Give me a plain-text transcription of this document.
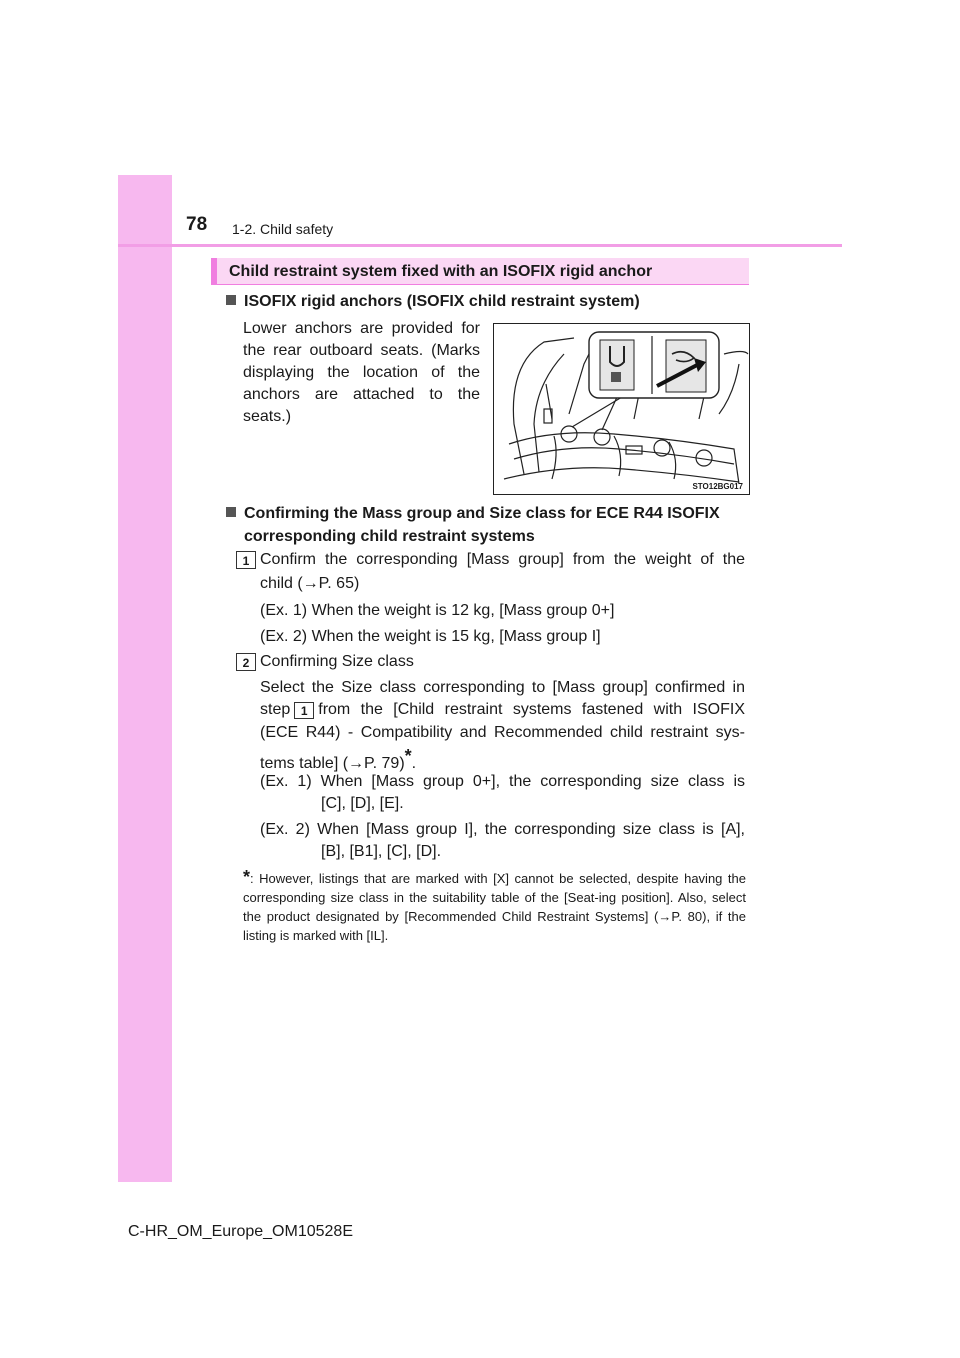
78 1-2. Child safety
Child restraint system fixed with an ISOFIX rigid anchor
ISOFIX rigid anchors (ISOFIX child restraint system)
Lower anchors are provided for the rear outboard seats. (Marks displaying the location of the anchors are attached to the seats.)
STO12BG017
Confirming the Mass group and Size class for ECE R44 ISOFIX
corresponding child restraint systems
1 Confirm the corresponding [Mass group] from the weight of the
child (→P. 65)
(Ex. 1) When the weight is 12 kg, [Mass group 0+]
(Ex. 2) When the weight is 15 kg, [Mass group I]
2 Confirming Size class
Select the Size class corresponding to [Mass group] confirmed in
step 1 from the [Child restraint systems fastened with ISOFIX
(ECE R44) - Compatibility and Recommended child restraint sys-
tems table] (→P. 79)*.
(Ex. 1) When [Mass group 0+], the corresponding size class is
[C], [D], [E].
(Ex. 2) When [Mass group I], the corresponding size class is [A],
[B], [B1], [C], [D].
*: However, listings that are marked with [X] cannot be selected, despite having the corresponding size class in the suitability table of the [Seat-ing position]. Also, select the product designated by [Recommended Child Restraint Systems] (→P. 80), if the listing is marked with [IL].
C-HR_OM_Europe_OM10528E
